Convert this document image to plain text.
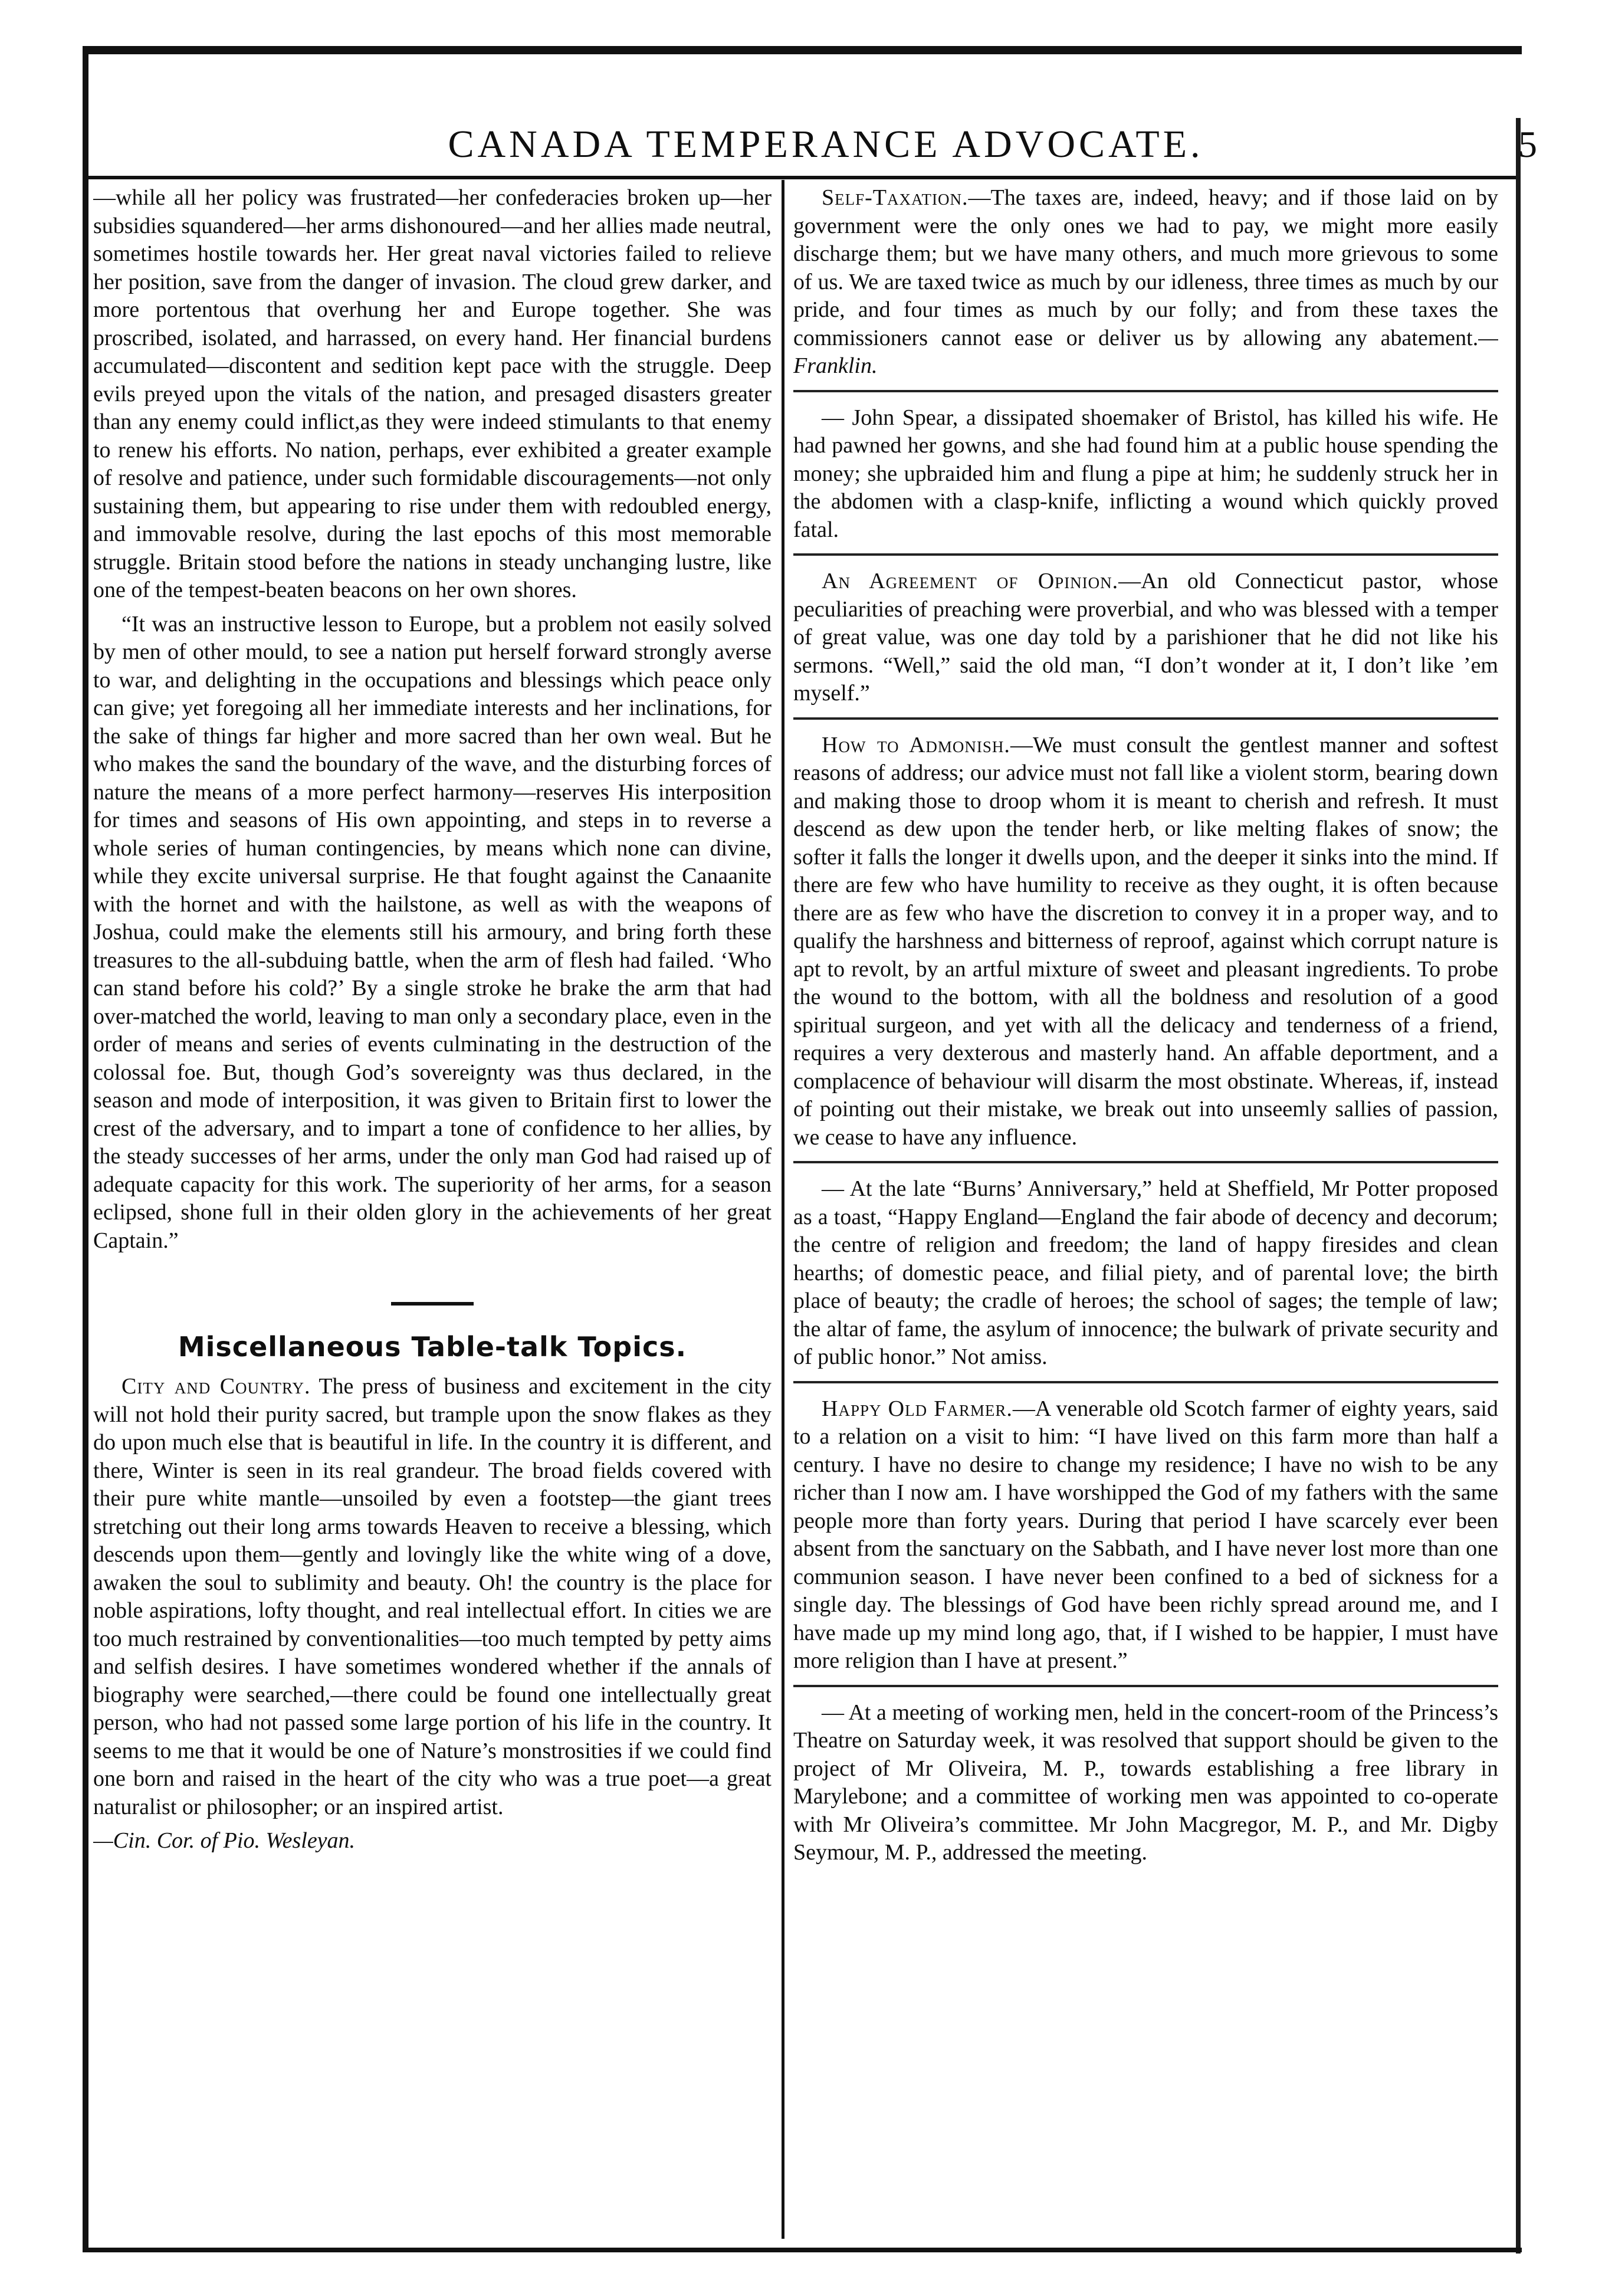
CANADA TEMPERANCE ADVOCATE.	5

—while all her policy was frustrated—her confederacies broken up—her subsidies squandered—her arms dishonoured—and her allies made neutral, sometimes hostile towards her. Her great naval victories failed to relieve her position, save from the danger of invasion. The cloud grew darker, and more portentous that overhung her and Europe together. She was proscribed, isolated, and harrassed, on every hand. Her financial burdens accumulated—discontent and sedition kept pace with the struggle. Deep evils preyed upon the vitals of the nation, and presaged disasters greater than any enemy could inflict,as they were indeed stimulants to that enemy to renew his efforts. No nation, perhaps, ever exhibited a greater example of resolve and patience, under such formidable discouragements—not only sustaining them, but appearing to rise under them with redoubled energy, and immovable resolve, during the last epochs of this most memorable struggle. Britain stood before the nations in steady unchanging lustre, like one of the tempest-beaten beacons on her own shores.

“It was an instructive lesson to Europe, but a problem not easily solved by men of other mould, to see a nation put herself forward strongly averse to war, and delighting in the occupations and blessings which peace only can give; yet foregoing all her immediate interests and her inclinations, for the sake of things far higher and more sacred than her own weal. But he who makes the sand the boundary of the wave, and the disturbing forces of nature the means of a more perfect harmony—reserves His interposition for times and seasons of His own appointing, and steps in to reverse a whole series of human contingencies, by means which none can divine, while they excite universal surprise. He that fought against the Canaanite with the hornet and with the hailstone, as well as with the weapons of Joshua, could make the elements still his armoury, and bring forth these treasures to the all-subduing battle, when the arm of flesh had failed. ‘Who can stand before his cold?’ By a single stroke he brake the arm that had over-matched the world, leaving to man only a secondary place, even in the order of means and series of events culminating in the destruction of the colossal foe. But, though God’s sovereignty was thus declared, in the season and mode of interposition, it was given to Britain first to lower the crest of the adversary, and to impart a tone of confidence to her allies, by the steady successes of her arms, under the only man God had raised up of adequate capacity for this work. The superiority of her arms, for a season eclipsed, shone full in their olden glory in the achievements of her great Captain.”

Miscellaneous Table-talk Topics.

City and Country. The press of business and excitement in the city will not hold their purity sacred, but trample upon the snow flakes as they do upon much else that is beautiful in life. In the country it is different, and there, Winter is seen in its real grandeur. The broad fields covered with their pure white mantle—unsoiled by even a footstep—the giant trees stretching out their long arms towards Heaven to receive a blessing, which descends upon them—gently and lovingly like the white wing of a dove, awaken the soul to sublimity and beauty. Oh! the country is the place for noble aspirations, lofty thought, and real intellectual effort. In cities we are too much restrained by conventionalities—too much tempted by petty aims and selfish desires. I have sometimes wondered whether if the annals of biography were searched,—there could be found one intellectually great person, who had not passed some large portion of his life in the country. It seems to me that it would be one of Nature’s monstrosities if we could find one born and raised in the heart of the city who was a true poet—a great naturalist or philosopher; or an inspired artist.

—Cin. Cor. of Pio. Wesleyan.

Self-Taxation.—The taxes are, indeed, heavy; and if those laid on by government were the only ones we had to pay, we might more easily discharge them; but we have many others, and much more grievous to some of us. We are taxed twice as much by our idleness, three times as much by our pride, and four times as much by our folly; and from these taxes the commissioners cannot ease or deliver us by allowing any abatement.—Franklin.

— John Spear, a dissipated shoemaker of Bristol, has killed his wife. He had pawned her gowns, and she had found him at a public house spending the money; she upbraided him and flung a pipe at him; he suddenly struck her in the abdomen with a clasp-knife, inflicting a wound which quickly proved fatal.

An Agreement of Opinion.—An old Connecticut pastor, whose peculiarities of preaching were proverbial, and who was blessed with a temper of great value, was one day told by a parishioner that he did not like his sermons. “Well,” said the old man, “I don’t wonder at it, I don’t like ’em myself.”

How to Admonish.—We must consult the gentlest manner and softest reasons of address; our advice must not fall like a violent storm, bearing down and making those to droop whom it is meant to cherish and refresh. It must descend as dew upon the tender herb, or like melting flakes of snow; the softer it falls the longer it dwells upon, and the deeper it sinks into the mind. If there are few who have humility to receive as they ought, it is often because there are as few who have the discretion to convey it in a proper way, and to qualify the harshness and bitterness of reproof, against which corrupt nature is apt to revolt, by an artful mixture of sweet and pleasant ingredients. To probe the wound to the bottom, with all the boldness and resolution of a good spiritual surgeon, and yet with all the delicacy and tenderness of a friend, requires a very dexterous and masterly hand. An affable deportment, and a complacence of behaviour will disarm the most obstinate. Whereas, if, instead of pointing out their mistake, we break out into unseemly sallies of passion, we cease to have any influence.

— At the late “Burns’ Anniversary,” held at Sheffield, Mr Potter proposed as a toast, “Happy England—England the fair abode of decency and decorum; the centre of religion and freedom; the land of happy firesides and clean hearths; of domestic peace, and filial piety, and of parental love; the birth place of beauty; the cradle of heroes; the school of sages; the temple of law; the altar of fame, the asylum of innocence; the bulwark of private security and of public honor.” Not amiss.

Happy Old Farmer.—A venerable old Scotch farmer of eighty years, said to a relation on a visit to him: “I have lived on this farm more than half a century. I have no desire to change my residence; I have no wish to be any richer than I now am. I have worshipped the God of my fathers with the same people more than forty years. During that period I have scarcely ever been absent from the sanctuary on the Sabbath, and I have never lost more than one communion season. I have never been confined to a bed of sickness for a single day. The blessings of God have been richly spread around me, and I have made up my mind long ago, that, if I wished to be happier, I must have more religion than I have at present.”

— At a meeting of working men, held in the concert-room of the Princess’s Theatre on Saturday week, it was resolved that support should be given to the project of Mr Oliveira, M. P., towards establishing a free library in Marylebone; and a committee of working men was appointed to co-operate with Mr Oliveira’s committee. Mr John Macgregor, M. P., and Mr. Digby Seymour, M. P., addressed the meeting.
